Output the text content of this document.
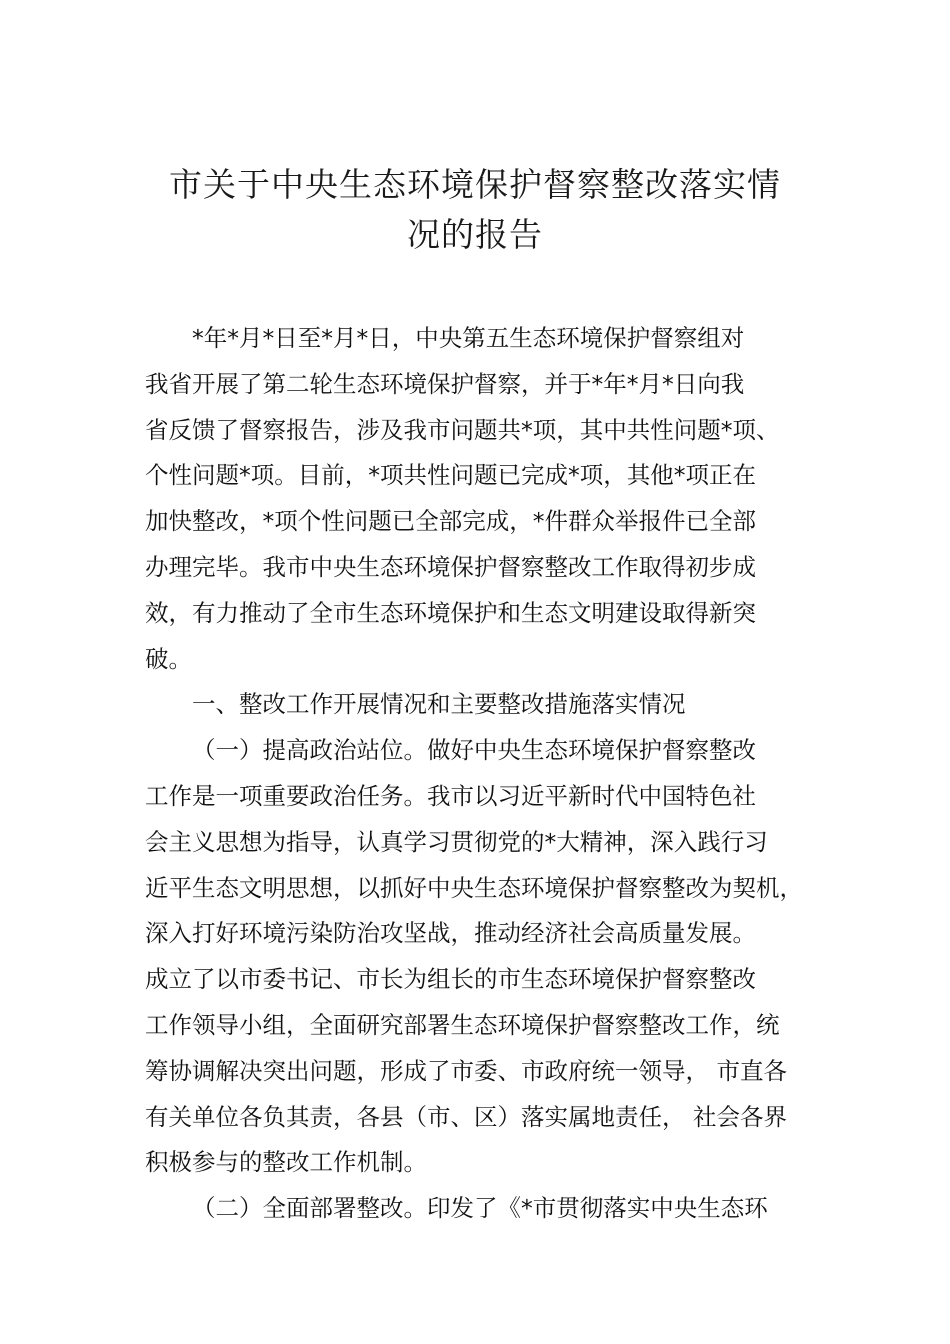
市关于中央生态环境保护督察整改落实情
况的报告
*年*月*日至*月*日，中央第五生态环境保护督察组对
我省开展了第二轮生态环境保护督察，并于*年*月*日向我
省反馈了督察报告，涉及我市问题共*项，其中共性问题*项、
个性问题*项。目前，*项共性问题已完成*项，其他*项正在
加快整改，*项个性问题已全部完成，*件群众举报件已全部
办理完毕。我市中央生态环境保护督察整改工作取得初步成
效，有力推动了全市生态环境保护和生态文明建设取得新突
破。
一、整改工作开展情况和主要整改措施落实情况
（一）提高政治站位。做好中央生态环境保护督察整改
工作是一项重要政治任务。我市以习近平新时代中国特色社
会主义思想为指导，认真学习贯彻党的*大精神，深入践行习
近平生态文明思想，以抓好中央生态环境保护督察整改为契机，
深入打好环境污染防治攻坚战，推动经济社会高质量发展。
成立了以市委书记、市长为组长的市生态环境保护督察整改
工作领导小组，全面研究部署生态环境保护督察整改工作，统
筹协调解决突出问题，形成了市委、市政府统一领导， 市直各
有关单位各负其责，各县（市、区）落实属地责任， 社会各界
积极参与的整改工作机制。
（二）全面部署整改。印发了《*市贯彻落实中央生态环
